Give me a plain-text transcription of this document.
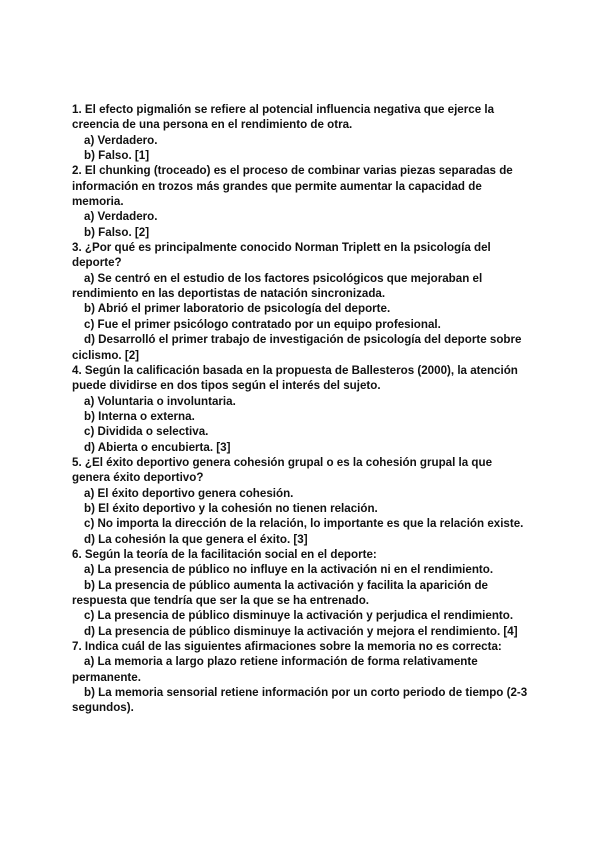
1. El efecto pigmalión se refiere al potencial influencia negativa que ejerce la creencia de una persona en el rendimiento de otra.

a) Verdadero.

b) Falso. [1]

2. El chunking (troceado) es el proceso de combinar varias piezas separadas de información en trozos más grandes que permite aumentar la capacidad de memoria.

a) Verdadero.

b) Falso. [2]

3. ¿Por qué es principalmente conocido Norman Triplett en la psicología del deporte?

a) Se centró en el estudio de los factores psicológicos que mejoraban el rendimiento en las deportistas de natación sincronizada.

b) Abrió el primer laboratorio de psicología del deporte.

c) Fue el primer psicólogo contratado por un equipo profesional.

d) Desarrolló el primer trabajo de investigación de psicología del deporte sobre ciclismo. [2]

4. Según la calificación basada en la propuesta de Ballesteros (2000), la atención puede dividirse en dos tipos según el interés del sujeto.

a) Voluntaria o involuntaria.

b) Interna o externa.

c) Dividida o selectiva.

d) Abierta o encubierta. [3]

5. ¿El éxito deportivo genera cohesión grupal o es la cohesión grupal la que genera éxito deportivo?

a) El éxito deportivo genera cohesión.

b) El éxito deportivo y la cohesión no tienen relación.

c) No importa la dirección de la relación, lo importante es que la relación existe.

d) La cohesión la que genera el éxito. [3]

6. Según la teoría de la facilitación social en el deporte:

a) La presencia de público no influye en la activación ni en el rendimiento.

b) La presencia de público aumenta la activación y facilita la aparición de respuesta que tendría que ser la que se ha entrenado.

c) La presencia de público disminuye la activación y perjudica el rendimiento.

d) La presencia de público disminuye la activación y mejora el rendimiento. [4]

7. Indica cuál de las siguientes afirmaciones sobre la memoria no es correcta:

a) La memoria a largo plazo retiene información de forma relativamente permanente.

b) La memoria sensorial retiene información por un corto periodo de tiempo (2-3 segundos).
